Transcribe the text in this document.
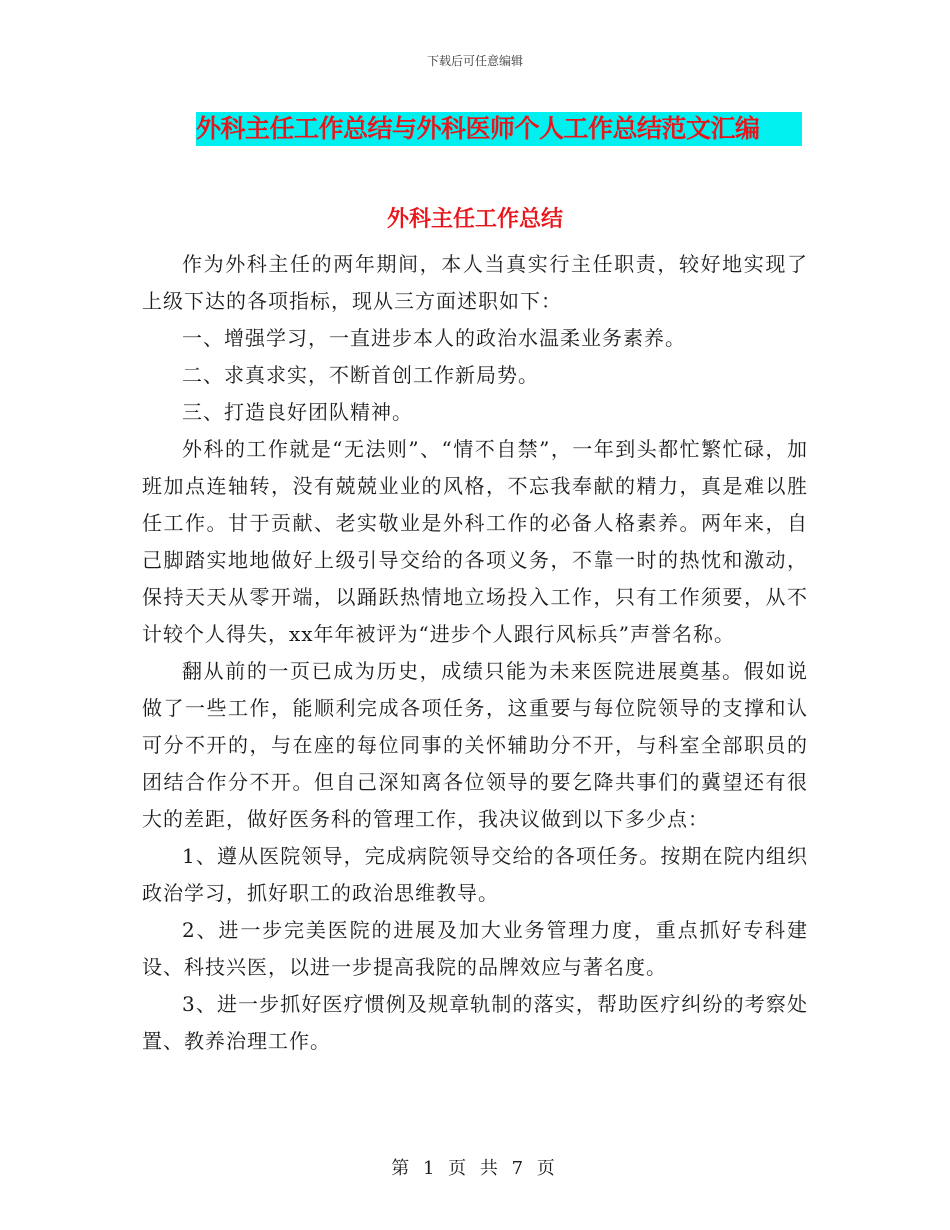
下载后可任意编辑
外科主任工作总结与外科医师个人工作总结范文汇编
外科主任工作总结

作为外科主任的两年期间，本人当真实行主任职责，较好地实现了上级下达的各项指标，现从三方面述职如下：

一、增强学习，一直进步本人的政治水温柔业务素养。

二、求真求实，不断首创工作新局势。

三、打造良好团队精神。

外科的工作就是“无法则”、“情不自禁”，一年到头都忙繁忙碌，加班加点连轴转，没有兢兢业业的风格，不忘我奉献的精力，真是难以胜任工作。甘于贡献、老实敬业是外科工作的必备人格素养。两年来，自己脚踏实地地做好上级引导交给的各项义务，不靠一时的热忱和激动，保持天天从零开端，以踊跃热情地立场投入工作，只有工作须要，从不计较个人得失，xx年年被评为“进步个人跟行风标兵”声誉名称。

翻从前的一页已成为历史，成绩只能为未来医院进展奠基。假如说做了一些工作，能顺利完成各项任务，这重要与每位院领导的支撑和认可分不开的，与在座的每位同事的关怀辅助分不开，与科室全部职员的团结合作分不开。但自己深知离各位领导的要乞降共事们的冀望还有很大的差距，做好医务科的管理工作，我决议做到以下多少点：

1、遵从医院领导，完成病院领导交给的各项任务。按期在院内组织政治学习，抓好职工的政治思维教导。

2、进一步完美医院的进展及加大业务管理力度，重点抓好专科建设、科技兴医，以进一步提高我院的品牌效应与著名度。

3、进一步抓好医疗惯例及规章轨制的落实，帮助医疗纠纷的考察处置、教养治理工作。

第 1 页 共 7 页
